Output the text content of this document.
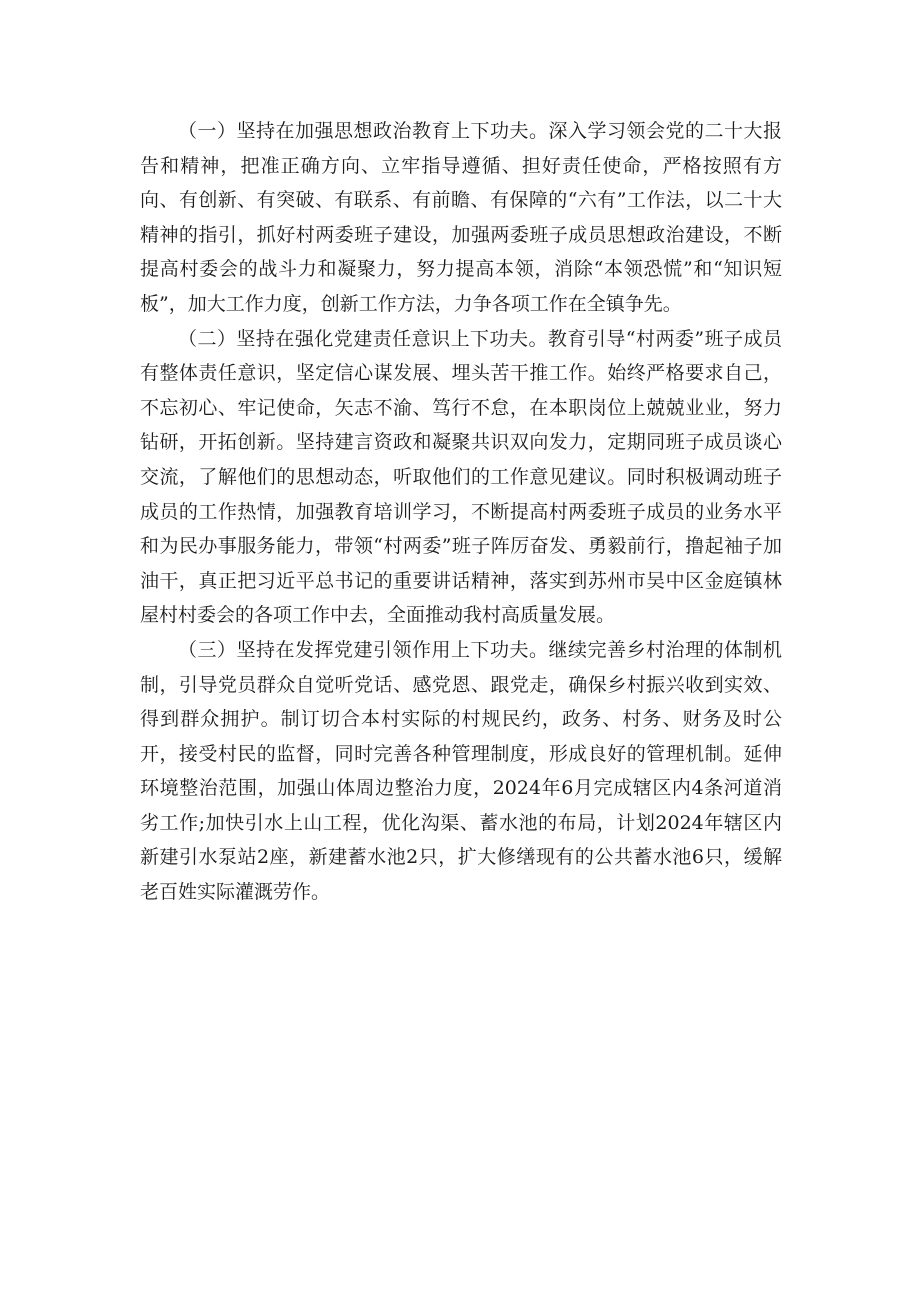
（一）坚持在加强思想政治教育上下功夫。深入学习领会党的二十大报告和精神，把准正确方向、立牢指导遵循、担好责任使命，严格按照有方向、有创新、有突破、有联系、有前瞻、有保障的“六有”工作法，以二十大精神的指引，抓好村两委班子建设，加强两委班子成员思想政治建设，不断提高村委会的战斗力和凝聚力，努力提高本领，消除“本领恐慌”和“知识短板”，加大工作力度，创新工作方法，力争各项工作在全镇争先。

（二）坚持在强化党建责任意识上下功夫。教育引导“村两委”班子成员有整体责任意识，坚定信心谋发展、埋头苦干推工作。始终严格要求自己，不忘初心、牢记使命，矢志不渝、笃行不怠，在本职岗位上兢兢业业，努力钻研，开拓创新。坚持建言资政和凝聚共识双向发力，定期同班子成员谈心交流，了解他们的思想动态，听取他们的工作意见建议。同时积极调动班子成员的工作热情，加强教育培训学习，不断提高村两委班子成员的业务水平和为民办事服务能力，带领“村两委”班子阵厉奋发、勇毅前行，撸起袖子加油干，真正把习近平总书记的重要讲话精神，落实到苏州市吴中区金庭镇林屋村村委会的各项工作中去，全面推动我村高质量发展。

（三）坚持在发挥党建引领作用上下功夫。继续完善乡村治理的体制机制，引导党员群众自觉听党话、感党恩、跟党走，确保乡村振兴收到实效、得到群众拥护。制订切合本村实际的村规民约，政务、村务、财务及时公开，接受村民的监督，同时完善各种管理制度，形成良好的管理机制。延伸环境整治范围，加强山体周边整治力度，2024年6月完成辖区内4条河道消劣工作;加快引水上山工程，优化沟渠、蓄水池的布局，计划2024年辖区内新建引水泵站2座，新建蓄水池2只，扩大修缮现有的公共蓄水池6只，缓解老百姓实际灌溉劳作。
